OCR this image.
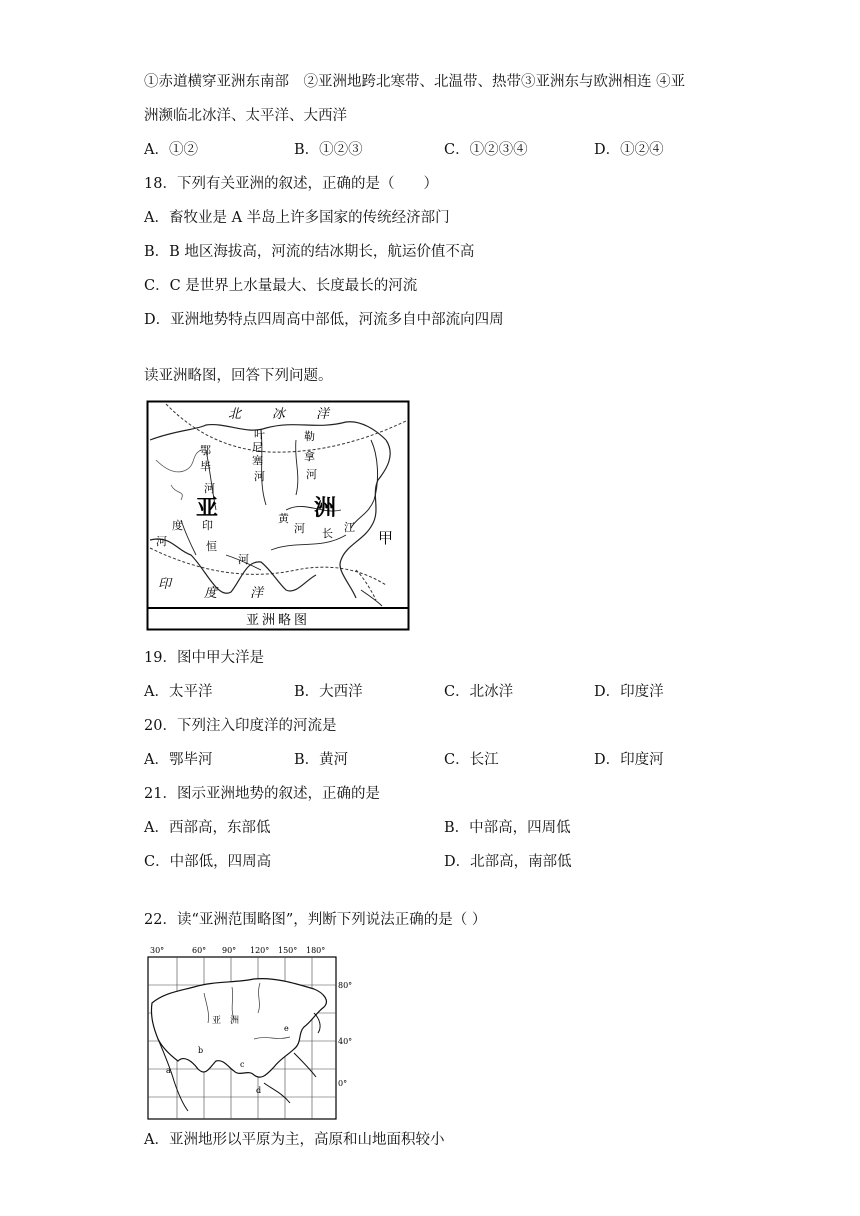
①赤道横穿亚洲东南部　②亚洲地跨北寒带、北温带、热带③亚洲东与欧洲相连 ④亚
洲濒临北冰洋、太平洋、大西洋
A．①②	B．①②③	C．①②③④	D．①②④
18．下列有关亚洲的叙述，正确的是（　　）
A．畜牧业是 A 半岛上许多国家的传统经济部门
B．B 地区海拔高，河流的结冰期长，航运价值不高
C．C 是世界上水量最大、长度最长的河流
D．亚洲地势特点四周高中部低，河流多自中部流向四周
读亚洲略图，回答下列问题。
北 冰 洋
印
度	洋
亚	洲
甲
鄂
毕
河
叶
尼
塞
河
勒
拿
河
黄
河 长 江
印
度
河	恒
河
亚洲略图
19．图中甲大洋是
A．太平洋	B．大西洋	C．北冰洋	D．印度洋
20．下列注入印度洋的河流是
A．鄂毕河	B．黄河	C．长江	D．印度河
21．图示亚洲地势的叙述，正确的是
A．西部高，东部低	B．中部高，四周低
C．中部低，四周高	D．北部高，南部低
22．读“亚洲范围略图”，判断下列说法正确的是（ ）
30°	60° 90° 120° 150° 180°
80°
40°
0°
亚　洲
a
b
c
d
e
A．亚洲地形以平原为主，高原和山地面积较小
